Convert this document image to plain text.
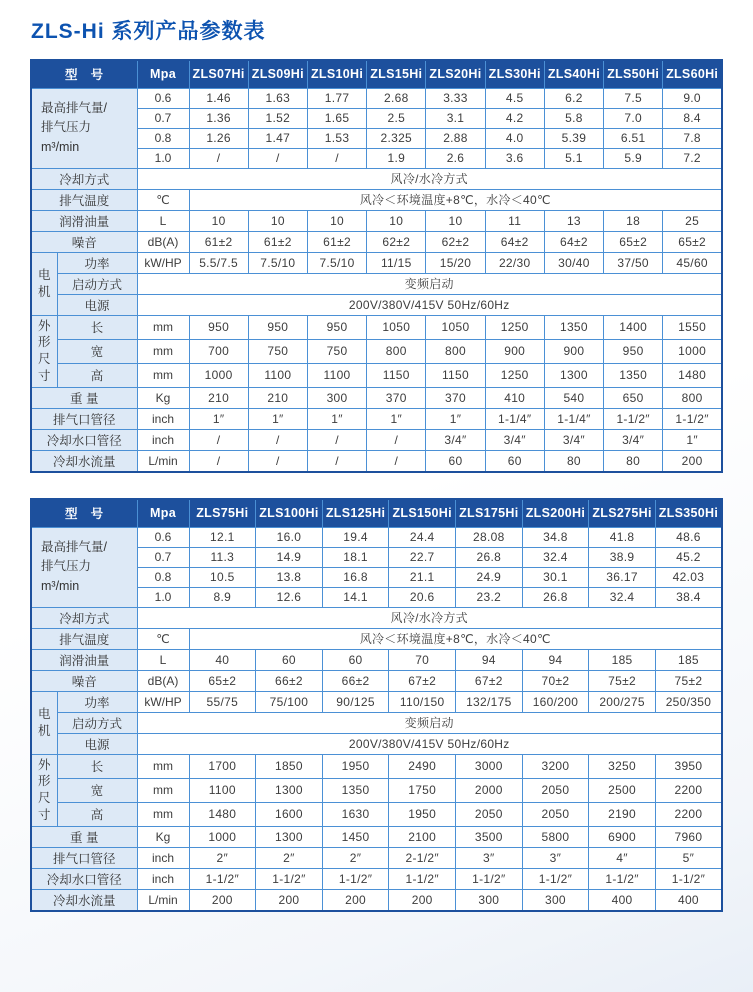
ZLS-Hi 系列产品参数表
型　号		Mpa	ZLS07Hi	ZLS09Hi	ZLS10Hi	ZLS15Hi	ZLS20Hi	ZLS30Hi	ZLS40Hi	ZLS50Hi	ZLS60Hi

最高排气量/
排气压力
m³/min		0.6	1.46	1.63	1.77	2.68	3.33	4.5	6.2	7.5	9.0
		0.7	1.36	1.52	1.65	2.5	3.1	4.2	5.8	7.0	8.4
		0.8	1.26	1.47	1.53	2.325	2.88	4.0	5.39	6.51	7.8
		1.0	/	/	/	1.9	2.6	3.6	5.1	5.9	7.2
冷却方式		风冷/水冷方式									
排气温度		℃	风冷＜环境温度+8℃，水冷＜40℃								
润滑油量		L	10	10	10	10	10	11	13	18	25
噪音		dB(A)	61±2	61±2	61±2	62±2	62±2	64±2	64±2	65±2	65±2
电机	功率	kW/HP	5.5/7.5	7.5/10	7.5/10	11/15	15/20	22/30	30/40	37/50	45/60
	启动方式	变频启动									
	电源	200V/380V/415V 50Hz/60Hz									
外形尺寸	长	mm	950	950	950	1050	1050	1250	1350	1400	1550
	宽	mm	700	750	750	800	800	900	900	950	1000
	高	mm	1000	1100	1100	1150	1150	1250	1300	1350	1480
重 量		Kg	210	210	300	370	370	410	540	650	800
排气口管径		inch	1″	1″	1″	1″	1″	1-1/4″	1-1/4″	1-1/2″	1-1/2″
冷却水口管径		inch	/	/	/	/	3/4″	3/4″	3/4″	3/4″	1″
冷却水流量		L/min	/	/	/	/	60	60	80	80	200
型　号		Mpa	ZLS75Hi	ZLS100Hi	ZLS125Hi	ZLS150Hi	ZLS175Hi	ZLS200Hi	ZLS275Hi	ZLS350Hi

最高排气量/
排气压力
m³/min		0.6	12.1	16.0	19.4	24.4	28.08	34.8	41.8	48.6
		0.7	11.3	14.9	18.1	22.7	26.8	32.4	38.9	45.2
		0.8	10.5	13.8	16.8	21.1	24.9	30.1	36.17	42.03
		1.0	8.9	12.6	14.1	20.6	23.2	26.8	32.4	38.4
冷却方式		风冷/水冷方式								
排气温度		℃	风冷＜环境温度+8℃，水冷＜40℃							
润滑油量		L	40	60	60	70	94	94	185	185
噪音		dB(A)	65±2	66±2	66±2	67±2	67±2	70±2	75±2	75±2
电机	功率	kW/HP	55/75	75/100	90/125	110/150	132/175	160/200	200/275	250/350
	启动方式	变频启动								
	电源	200V/380V/415V 50Hz/60Hz								
外形尺寸	长	mm	1700	1850	1950	2490	3000	3200	3250	3950
	宽	mm	1100	1300	1350	1750	2000	2050	2500	2200
	高	mm	1480	1600	1630	1950	2050	2050	2190	2200
重 量		Kg	1000	1300	1450	2100	3500	5800	6900	7960
排气口管径		inch	2″	2″	2″	2-1/2″	3″	3″	4″	5″
冷却水口管径		inch	1-1/2″	1-1/2″	1-1/2″	1-1/2″	1-1/2″	1-1/2″	1-1/2″	1-1/2″
冷却水流量		L/min	200	200	200	200	300	300	400	400
